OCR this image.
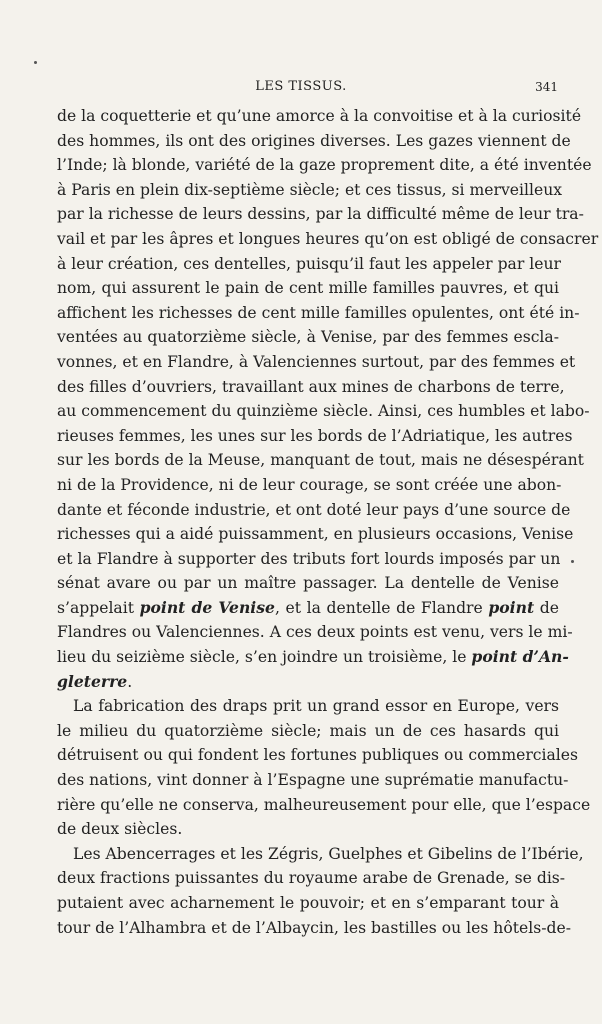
LES TISSUS.	341
de la coquetterie et qu’une amorce à la convoitise et à la curiosité
des hommes, ils ont des origines diverses. Les gazes viennent de
l’Inde; là blonde, variété de la gaze proprement dite, a été inventée
à Paris en plein dix-septième siècle; et ces tissus, si merveilleux
par la richesse de leurs dessins, par la difficulté même de leur tra-
vail et par les âpres et longues heures qu’on est obligé de consacrer
à leur création, ces dentelles, puisqu’il faut les appeler par leur
nom, qui assurent le pain de cent mille familles pauvres, et qui
affichent les richesses de cent mille familles opulentes, ont été in-
ventées au quatorzième siècle, à Venise, par des femmes escla-
vonnes, et en Flandre, à Valenciennes surtout, par des femmes et
des filles d’ouvriers, travaillant aux mines de charbons de terre,
au commencement du quinzième siècle. Ainsi, ces humbles et labo-
rieuses femmes, les unes sur les bords de l’Adriatique, les autres
sur les bords de la Meuse, manquant de tout, mais ne désespérant
ni de la Providence, ni de leur courage, se sont créée une abon-
dante et féconde industrie, et ont doté leur pays d’une source de
richesses qui a aidé puissamment, en plusieurs occasions, Venise
et la Flandre à supporter des tributs fort lourds imposés par un
sénat avare ou par un maître passager. La dentelle de Venise
s’appelait point de Venise, et la dentelle de Flandre point de
Flandres ou Valenciennes. A ces deux points est venu, vers le mi-
lieu du seizième siècle, s’en joindre un troisième, le point d’An-
gleterre.
La fabrication des draps prit un grand essor en Europe, vers
le milieu du quatorzième siècle; mais un de ces hasards qui
détruisent ou qui fondent les fortunes publiques ou commerciales
des nations, vint donner à l’Espagne une suprématie manufactu-
rière qu’elle ne conserva, malheureusement pour elle, que l’espace
de deux siècles.
Les Abencerrages et les Zégris, Guelphes et Gibelins de l’Ibérie,
deux fractions puissantes du royaume arabe de Grenade, se dis-
putaient avec acharnement le pouvoir; et en s’emparant tour à
tour de l’Alhambra et de l’Albaycin, les bastilles ou les hôtels-de-
